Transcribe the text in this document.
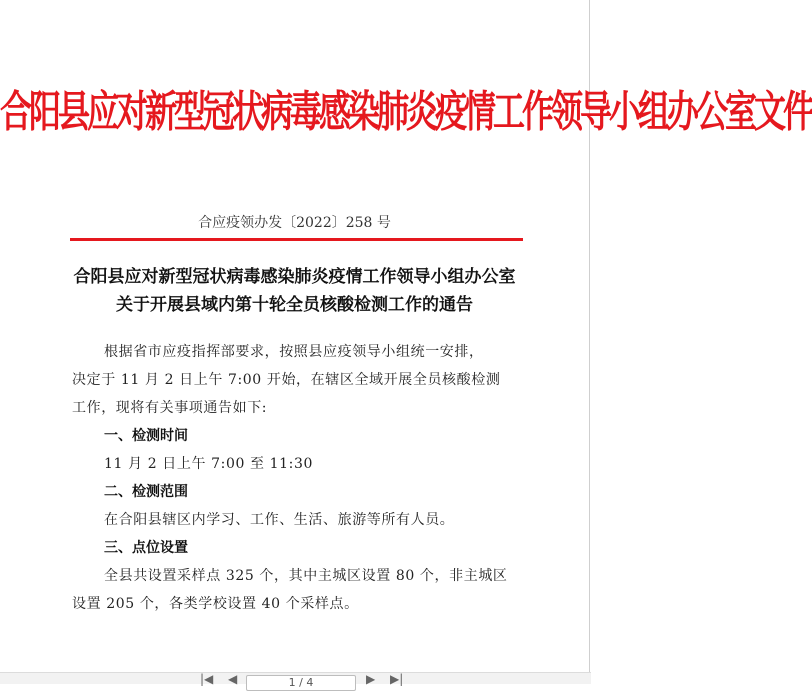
合阳县应对新型冠状病毒感染肺炎疫情工作领导小组办公室文件
合应疫领办发〔2022〕258 号
合阳县应对新型冠状病毒感染肺炎疫情工作领导小组办公室
关于开展县域内第十轮全员核酸检测工作的通告
根据省市应疫指挥部要求，按照县应疫领导小组统一安排，
决定于 11 月 2 日上午 7:00 开始，在辖区全域开展全员核酸检测
工作，现将有关事项通告如下:
一、检测时间
11 月 2 日上午 7:00 至 11:30
二、检测范围
在合阳县辖区内学习、工作、生活、旅游等所有人员。
三、点位设置
全县共设置采样点 325 个，其中主城区设置 80 个，非主城区
设置 205 个，各类学校设置 40 个采样点。
|◀ ◀	1 / 4	▶ ▶|
